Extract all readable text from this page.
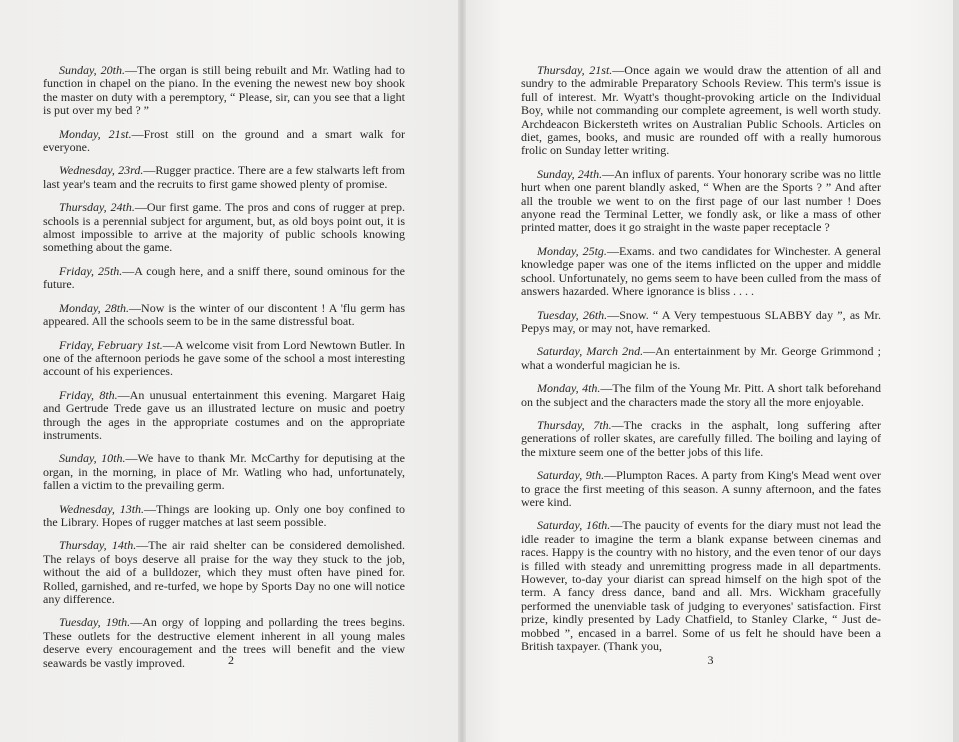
Sunday, 20th.—The organ is still being rebuilt and Mr. Watling had to function in chapel on the piano. In the evening the newest new boy shook the master on duty with a peremptory, “ Please, sir, can you see that a light is put over my bed ? ”

Monday, 21st.—Frost still on the ground and a smart walk for everyone.

Wednesday, 23rd.—Rugger practice. There are a few stalwarts left from last year's team and the recruits to first game showed plenty of promise.

Thursday, 24th.—Our first game. The pros and cons of rugger at prep. schools is a perennial subject for argument, but, as old boys point out, it is almost impossible to arrive at the majority of public schools knowing something about the game.

Friday, 25th.—A cough here, and a sniff there, sound ominous for the future.

Monday, 28th.—Now is the winter of our discontent ! A 'flu germ has appeared. All the schools seem to be in the same distressful boat.

Friday, February 1st.—A welcome visit from Lord Newtown Butler. In one of the afternoon periods he gave some of the school a most interesting account of his experiences.

Friday, 8th.—An unusual entertainment this evening. Margaret Haig and Gertrude Trede gave us an illustrated lecture on music and poetry through the ages in the appropriate costumes and on the appropriate instruments.

Sunday, 10th.—We have to thank Mr. McCarthy for deputising at the organ, in the morning, in place of Mr. Watling who had, unfortunately, fallen a victim to the prevailing germ.

Wednesday, 13th.—Things are looking up. Only one boy confined to the Library. Hopes of rugger matches at last seem possible.

Thursday, 14th.—The air raid shelter can be considered demolished. The relays of boys deserve all praise for the way they stuck to the job, without the aid of a bulldozer, which they must often have pined for. Rolled, garnished, and re-turfed, we hope by Sports Day no one will notice any difference.

Tuesday, 19th.—An orgy of lopping and pollarding the trees begins. These outlets for the destructive element inherent in all young males deserve every encouragement and the trees will benefit and the view seawards be vastly improved.	2

Thursday, 21st.—Once again we would draw the attention of all and sundry to the admirable Preparatory Schools Review. This term's issue is full of interest. Mr. Wyatt's thought-provoking article on the Individual Boy, while not commanding our complete agreement, is well worth study. Archdeacon Bickersteth writes on Australian Public Schools. Articles on diet, games, books, and music are rounded off with a really humorous frolic on Sunday letter writing.

Sunday, 24th.—An influx of parents. Your honorary scribe was no little hurt when one parent blandly asked, “ When are the Sports ? ” And after all the trouble we went to on the first page of our last number ! Does anyone read the Terminal Letter, we fondly ask, or like a mass of other printed matter, does it go straight in the waste paper receptacle ?

Monday, 25tg.—Exams. and two candidates for Winchester. A general knowledge paper was one of the items inflicted on the upper and middle school. Unfortunately, no gems seem to have been culled from the mass of answers hazarded. Where ignorance is bliss . . . .

Tuesday, 26th.—Snow. “ A Very tempestuous SLABBY day ”, as Mr. Pepys may, or may not, have remarked.

Saturday, March 2nd.—An entertainment by Mr. George Grimmond ; what a wonderful magician he is.

Monday, 4th.—The film of the Young Mr. Pitt. A short talk beforehand on the subject and the characters made the story all the more enjoyable.

Thursday, 7th.—The cracks in the asphalt, long suffering after generations of roller skates, are carefully filled. The boiling and laying of the mixture seem one of the better jobs of this life.

Saturday, 9th.—Plumpton Races. A party from King's Mead went over to grace the first meeting of this season. A sunny afternoon, and the fates were kind.

Saturday, 16th.—The paucity of events for the diary must not lead the idle reader to imagine the term a blank expanse between cinemas and races. Happy is the country with no history, and the even tenor of our days is filled with steady and unremitting progress made in all departments. However, to-day your diarist can spread himself on the high spot of the term. A fancy dress dance, band and all. Mrs. Wickham gracefully performed the unenviable task of judging to everyones' satisfaction. First prize, kindly presented by Lady Chatfield, to Stanley Clarke, “ Just de-mobbed ”, encased in a barrel. Some of us felt he should have been a British taxpayer. (Thank you,

3
